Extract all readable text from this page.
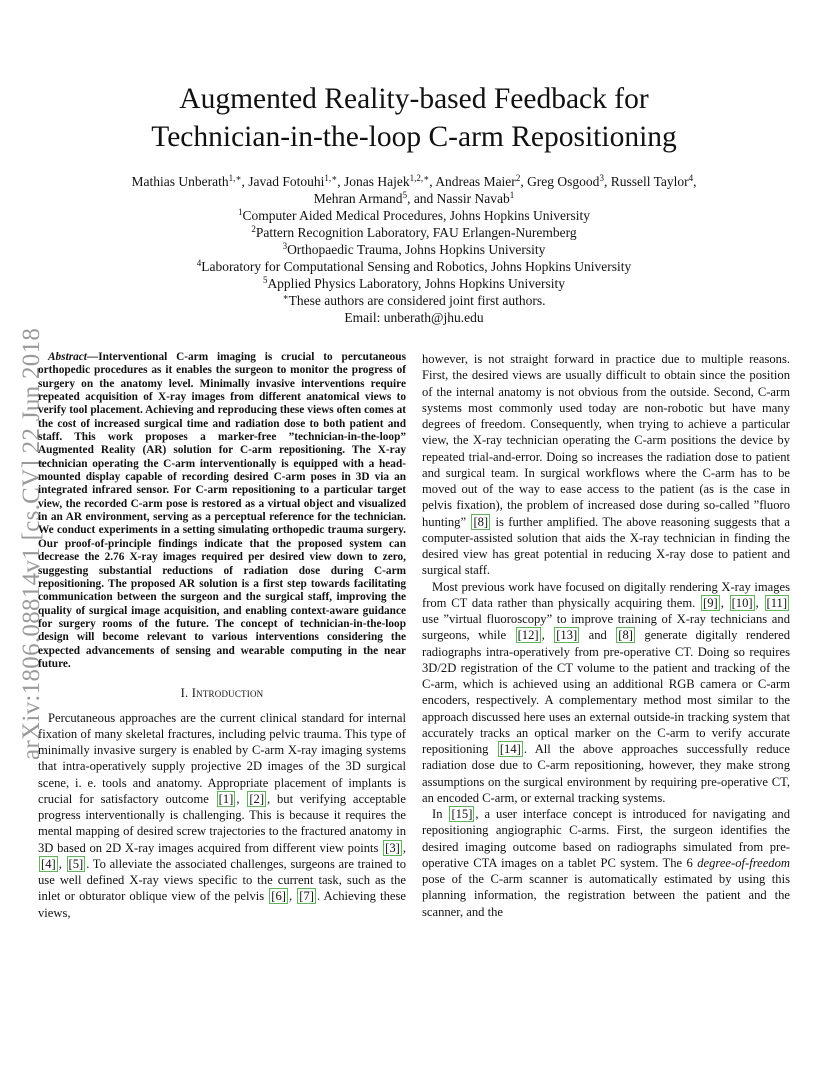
arXiv:1806.08814v1 [cs.CV] 22 Jun 2018
Augmented Reality-based Feedback for
Technician-in-the-loop C-arm Repositioning
Mathias Unberath$^{1,∗}$, Javad Fotouhi$^{1,∗}$, Jonas Hajek$^{1,2,∗}$, Andreas Maier$^2$, Greg Osgood$^3$, Russell Taylor$^4$,
Mehran Armand$^5$, and Nassir Navab$^1$
$^1$Computer Aided Medical Procedures, Johns Hopkins University
$^2$Pattern Recognition Laboratory, FAU Erlangen-Nuremberg
$^3$Orthopaedic Trauma, Johns Hopkins University
$^4$Laboratory for Computational Sensing and Robotics, Johns Hopkins University
$^5$Applied Physics Laboratory, Johns Hopkins University
∗These authors are considered joint first authors.
Email: unberath@jhu.edu

Abstract—Interventional C-arm imaging is crucial to percutaneous orthopedic procedures as it enables the surgeon to monitor the progress of surgery on the anatomy level. Minimally invasive interventions require repeated acquisition of X-ray images from different anatomical views to verify tool placement. Achieving and reproducing these views often comes at the cost of increased surgical time and radiation dose to both patient and staff. This work proposes a marker-free ”technician-in-the-loop” Augmented Reality (AR) solution for C-arm repositioning. The X-ray technician operating the C-arm interventionally is equipped with a head-mounted display capable of recording desired C-arm poses in 3D via an integrated infrared sensor. For C-arm repositioning to a particular target view, the recorded C-arm pose is restored as a virtual object and visualized in an AR environment, serving as a perceptual reference for the technician. We conduct experiments in a setting simulating orthopedic trauma surgery. Our proof-of-principle findings indicate that the proposed system can decrease the 2.76 X-ray images required per desired view down to zero, suggesting substantial reductions of radiation dose during C-arm repositioning. The proposed AR solution is a first step towards facilitating communication between the surgeon and the surgical staff, improving the quality of surgical image acquisition, and enabling context-aware guidance for surgery rooms of the future. The concept of technician-in-the-loop design will become relevant to various interventions considering the expected advancements of sensing and wearable computing in the near future.

I. Introduction

Percutaneous approaches are the current clinical standard for internal fixation of many skeletal fractures, including pelvic trauma. This type of minimally invasive surgery is enabled by C-arm X-ray imaging systems that intra-operatively supply projective 2D images of the 3D surgical scene, i. e. tools and anatomy. Appropriate placement of implants is crucial for satisfactory outcome [1] , [2] , but verifying acceptable progress interventionally is challenging. This is because it requires the mental mapping of desired screw trajectories to the fractured anatomy in 3D based on 2D X-ray images acquired from different view points [3] , [4] , [5] . To alleviate the associated challenges, surgeons are trained to use well defined X-ray views specific to the current task, such as the inlet or obturator oblique view of the pelvis [6] , [7] . Achieving these views,

however, is not straight forward in practice due to multiple reasons. First, the desired views are usually difficult to obtain since the position of the internal anatomy is not obvious from the outside. Second, C-arm systems most commonly used today are non-robotic but have many degrees of freedom. Consequently, when trying to achieve a particular view, the X-ray technician operating the C-arm positions the device by repeated trial-and-error. Doing so increases the radiation dose to patient and surgical team. In surgical workflows where the C-arm has to be moved out of the way to ease access to the patient (as is the case in pelvis fixation), the problem of increased dose during so-called ”fluoro hunting” [8] is further amplified. The above reasoning suggests that a computer-assisted solution that aids the X-ray technician in finding the desired view has great potential in reducing X-ray dose to patient and surgical staff.

Most previous work have focused on digitally rendering X-ray images from CT data rather than physically acquiring them. [9] , [10] , [11] use ”virtual fluoroscopy” to improve training of X-ray technicians and surgeons, while [12] , [13] and [8] generate digitally rendered radiographs intra-operatively from pre-operative CT. Doing so requires 3D/2D registration of the CT volume to the patient and tracking of the C-arm, which is achieved using an additional RGB camera or C-arm encoders, respectively. A complementary method most similar to the approach discussed here uses an external outside-in tracking system that accurately tracks an optical marker on the C-arm to verify accurate repositioning [14] . All the above approaches successfully reduce radiation dose due to C-arm repositioning, however, they make strong assumptions on the surgical environment by requiring pre-operative CT, an encoded C-arm, or external tracking systems.

In [15] , a user interface concept is introduced for navigating and repositioning angiographic C-arms. First, the surgeon identifies the desired imaging outcome based on radiographs simulated from pre-operative CTA images on a tablet PC system. The 6 degree-of-freedom pose of the C-arm scanner is automatically estimated by using this planning information, the registration between the patient and the scanner, and the
